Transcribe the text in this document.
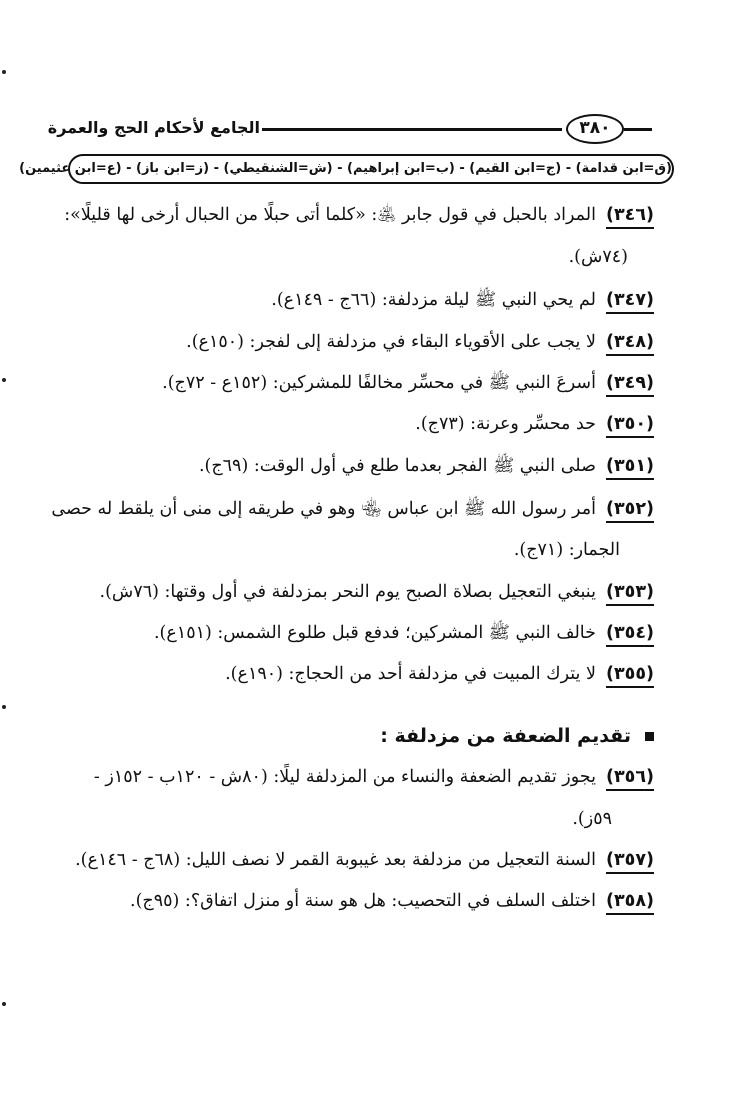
٣٨٠
الجامع لأحكام الحج والعمرة
(ق=ابن قدامة) - (ج=ابن القيم) - (ب=ابن إبراهيم) - (ش=الشنقيطي) - (ز=ابن باز) - (ع=ابن عثيمين)
(٣٤٦)المراد بالحبل في قول جابر ﵁: «كلما أتى حبلًا من الحبال أرخى لها قليلًا»:
(٧٤ش).
(٣٤٧)لم يحي النبي ﷺ ليلة مزدلفة: (٦٦ج - ١٤٩ع).
(٣٤٨)لا يجب على الأقوياء البقاء في مزدلفة إلى لفجر: (١٥٠ع).
(٣٤٩)أسرعَ النبي ﷺ في محسِّر مخالفًا للمشركين: (١٥٢ع - ٧٢ج).
(٣٥٠)حد محسِّر وعرنة: (٧٣ج).
(٣٥١)صلى النبي ﷺ الفجر بعدما طلع في أول الوقت: (٦٩ج).
(٣٥٢)أمر رسول الله ﷺ ابن عباس ﵄ وهو في طريقه إلى منى أن يلقط له حصى
الجمار: (٧١ج).
(٣٥٣)ينبغي التعجيل بصلاة الصبح يوم النحر بمزدلفة في أول وقتها: (٧٦ش).
(٣٥٤)خالف النبي ﷺ المشركين؛ فدفع قبل طلوع الشمس: (١٥١ع).
(٣٥٥)لا يترك المبيت في مزدلفة أحد من الحجاج: (١٩٠ع).
تقديم الضعفة من مزدلفة :
(٣٥٦)يجوز تقديم الضعفة والنساء من المزدلفة ليلًا: (٨٠ش - ١٢٠ب - ١٥٢ز -
٥٩ز).
(٣٥٧)السنة التعجيل من مزدلفة بعد غيبوبة القمر لا نصف الليل: (٦٨ج - ١٤٦ع).
(٣٥٨)اختلف السلف في التحصيب: هل هو سنة أو منزل اتفاق؟: (٩٥ج).
